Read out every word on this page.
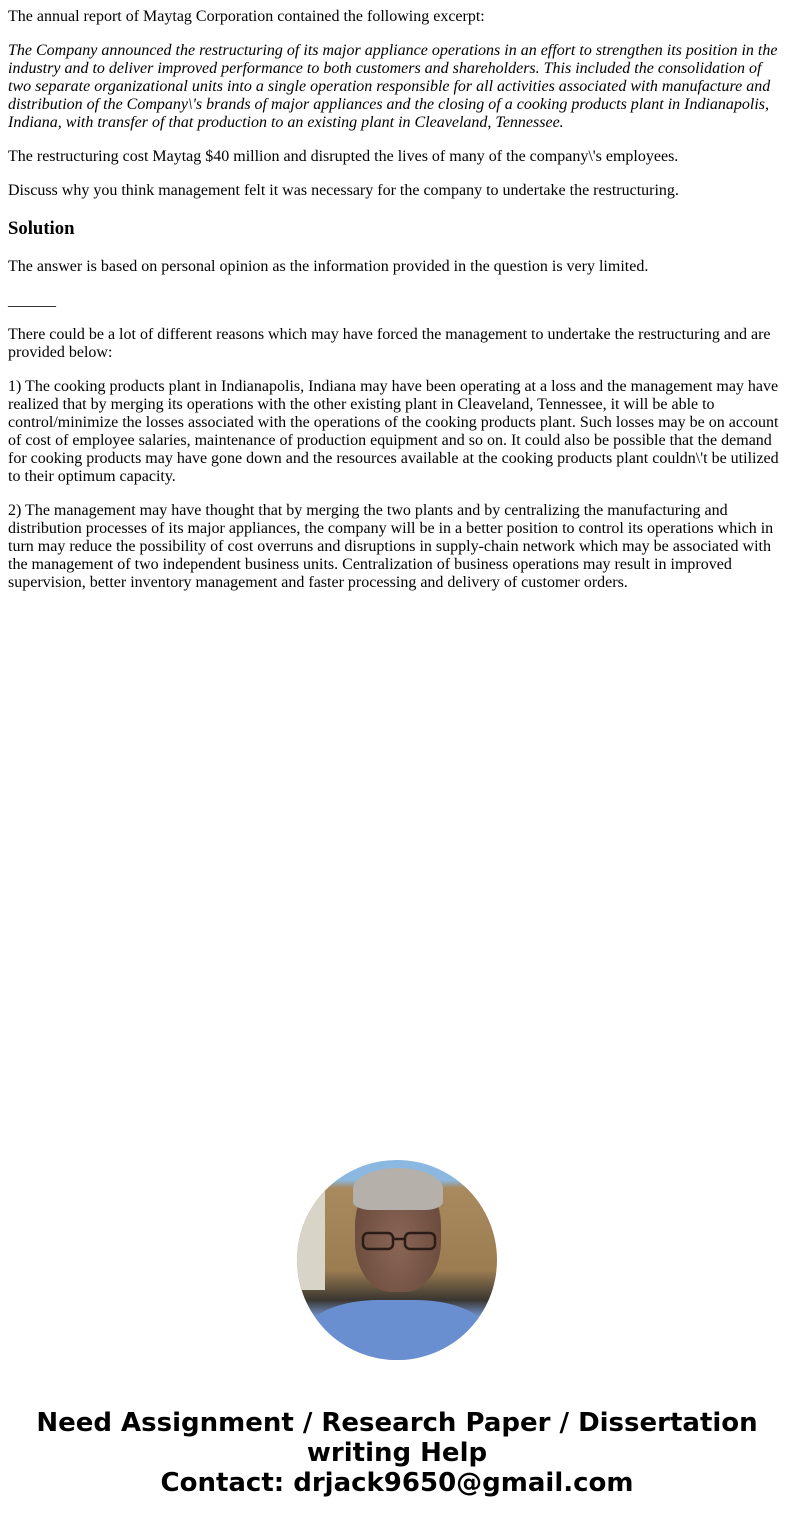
The annual report of Maytag Corporation contained the following excerpt:

The Company announced the restructuring of its major appliance operations in an effort to strengthen its position in the industry and to deliver improved performance to both customers and shareholders. This included the consolidation of two separate organizational units into a single operation responsible for all activities associated with manufacture and distribution of the Company\'s brands of major appliances and the closing of a cooking products plant in Indianapolis, Indiana, with transfer of that production to an existing plant in Cleaveland, Tennessee.

The restructuring cost Maytag $40 million and disrupted the lives of many of the company\'s employees.

Discuss why you think management felt it was necessary for the company to undertake the restructuring.

Solution

The answer is based on personal opinion as the information provided in the question is very limited.

______

There could be a lot of different reasons which may have forced the management to undertake the restructuring and are provided below:

1) The cooking products plant in Indianapolis, Indiana may have been operating at a loss and the management may have realized that by merging its operations with the other existing plant in Cleaveland, Tennessee, it will be able to control/minimize the losses associated with the operations of the cooking products plant. Such losses may be on account of cost of employee salaries, maintenance of production equipment and so on. It could also be possible that the demand for cooking products may have gone down and the resources available at the cooking products plant couldn\'t be utilized to their optimum capacity.

2) The management may have thought that by merging the two plants and by centralizing the manufacturing and distribution processes of its major appliances, the company will be in a better position to control its operations which in turn may reduce the possibility of cost overruns and disruptions in supply-chain network which may be associated with the management of two independent business units. Centralization of business operations may result in improved supervision, better inventory management and faster processing and delivery of customer orders.

Need Assignment / Research Paper / Dissertation writing Help
Contact: drjack9650@gmail.com
